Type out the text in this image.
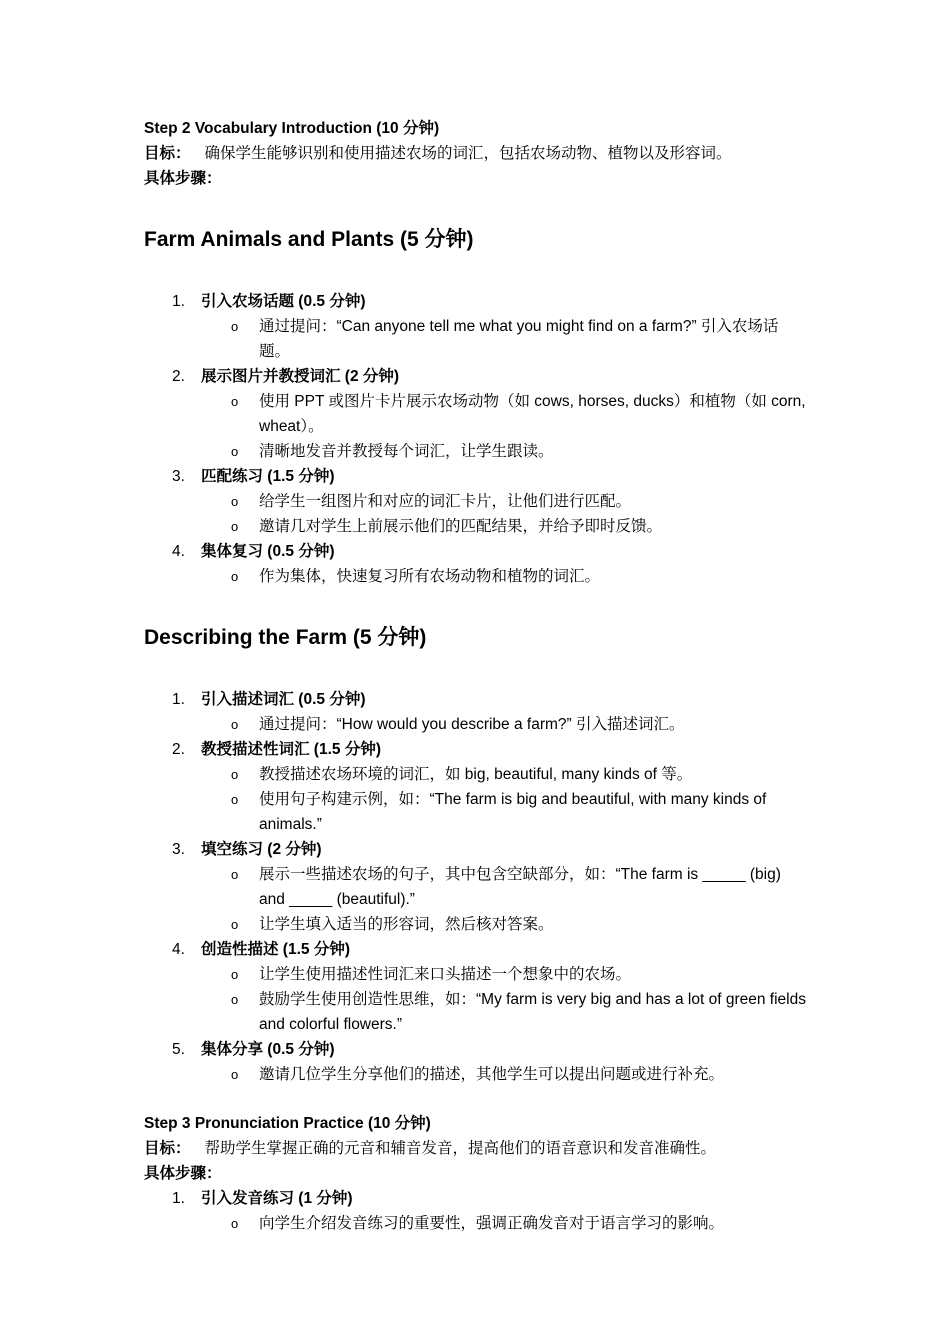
Step 2 Vocabulary Introduction (10 分钟)

目标： 确保学生能够识别和使用描述农场的词汇，包括农场动物、植物以及形容词。

具体步骤：

Farm Animals and Plants (5 分钟)
1. 引入农场话题 (0.5 分钟)
o	通过提问：“Can anyone tell me what you might find on a farm?” 引入农场话题。
2. 展示图片并教授词汇 (2 分钟)
o	使用 PPT 或图片卡片展示农场动物（如 cows, horses, ducks）和植物（如 corn, wheat）。
o	清晰地发音并教授每个词汇，让学生跟读。
3. 匹配练习 (1.5 分钟)
o	给学生一组图片和对应的词汇卡片，让他们进行匹配。
o	邀请几对学生上前展示他们的匹配结果，并给予即时反馈。
4. 集体复习 (0.5 分钟)
o	作为集体，快速复习所有农场动物和植物的词汇。
Describing the Farm (5 分钟)
1. 引入描述词汇 (0.5 分钟)
o	通过提问：“How would you describe a farm?” 引入描述词汇。
2. 教授描述性词汇 (1.5 分钟)
o	教授描述农场环境的词汇，如 big, beautiful, many kinds of 等。
o	使用句子构建示例，如：“The farm is big and beautiful, with many kinds of animals.”
3. 填空练习 (2 分钟)
o	展示一些描述农场的句子，其中包含空缺部分，如：“The farm is _____ (big) and _____ (beautiful).”
o	让学生填入适当的形容词，然后核对答案。
4. 创造性描述 (1.5 分钟)
o	让学生使用描述性词汇来口头描述一个想象中的农场。
o	鼓励学生使用创造性思维，如：“My farm is very big and has a lot of green fields and colorful flowers.”
5. 集体分享 (0.5 分钟)
o	邀请几位学生分享他们的描述，其他学生可以提出问题或进行补充。

Step 3 Pronunciation Practice (10 分钟)

目标： 帮助学生掌握正确的元音和辅音发音，提高他们的语音意识和发音准确性。

具体步骤：

1. 引入发音练习 (1 分钟)
o	向学生介绍发音练习的重要性，强调正确发音对于语言学习的影响。
